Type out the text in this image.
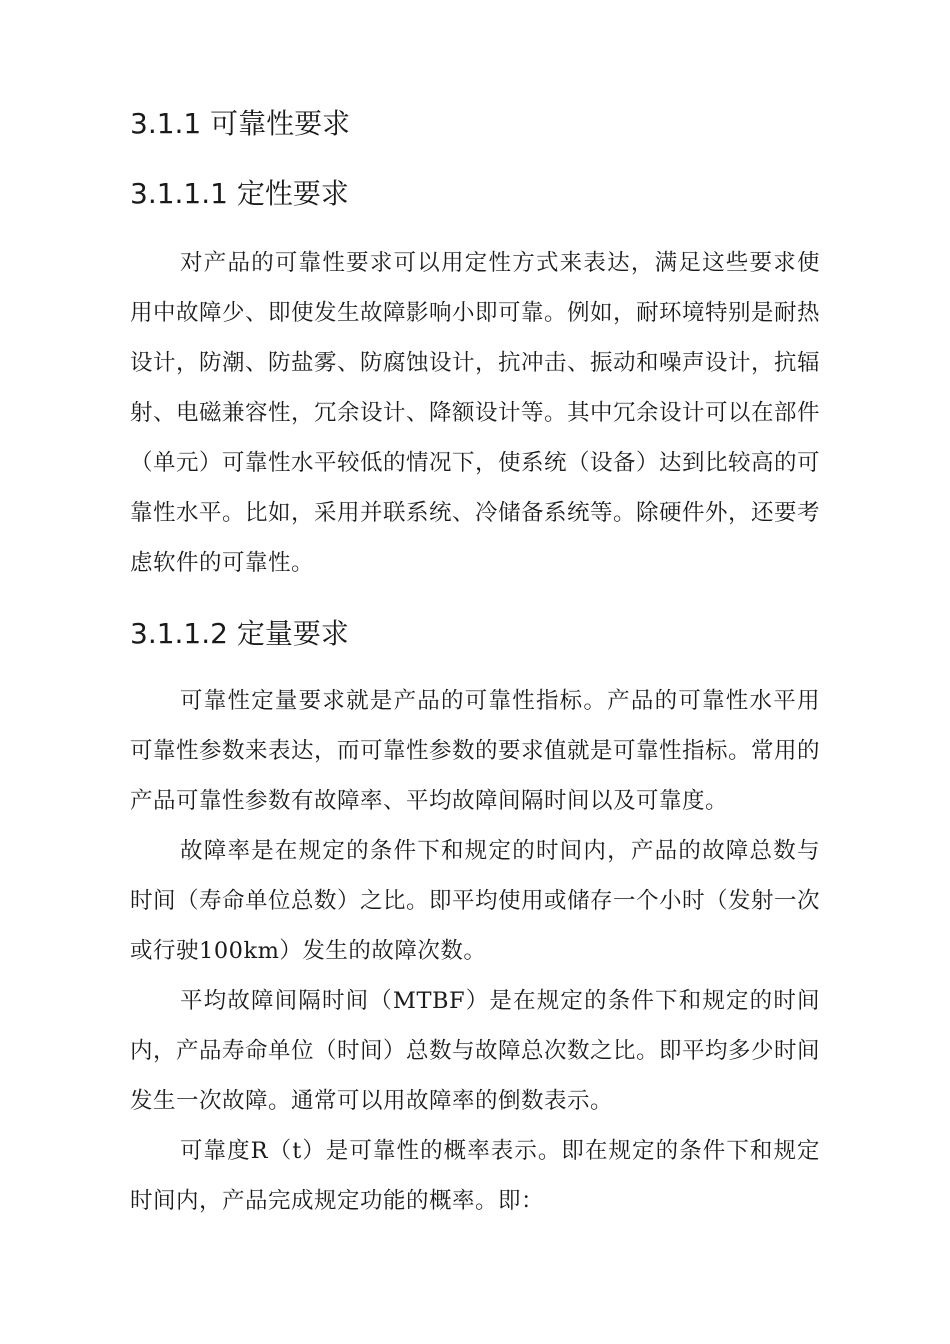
3.1.1 可靠性要求
3.1.1.1 定性要求

对产品的可靠性要求可以用定性方式来表达，满足这些要求使用中故障少、即使发生故障影响小即可靠。例如，耐环境特别是耐热设计，防潮、防盐雾、防腐蚀设计，抗冲击、振动和噪声设计，抗辐射、电磁兼容性，冗余设计、降额设计等。其中冗余设计可以在部件（单元）可靠性水平较低的情况下，使系统（设备）达到比较高的可靠性水平。比如，采用并联系统、冷储备系统等。除硬件外，还要考虑软件的可靠性。

3.1.1.2 定量要求

可靠性定量要求就是产品的可靠性指标。产品的可靠性水平用可靠性参数来表达，而可靠性参数的要求值就是可靠性指标。常用的产品可靠性参数有故障率、平均故障间隔时间以及可靠度。

故障率是在规定的条件下和规定的时间内，产品的故障总数与时间（寿命单位总数）之比。即平均使用或储存一个小时（发射一次或行驶100km）发生的故障次数。

平均故障间隔时间（MTBF）是在规定的条件下和规定的时间内，产品寿命单位（时间）总数与故障总次数之比。即平均多少时间发生一次故障。通常可以用故障率的倒数表示。

可靠度R（t）是可靠性的概率表示。即在规定的条件下和规定时间内，产品完成规定功能的概率。即：
